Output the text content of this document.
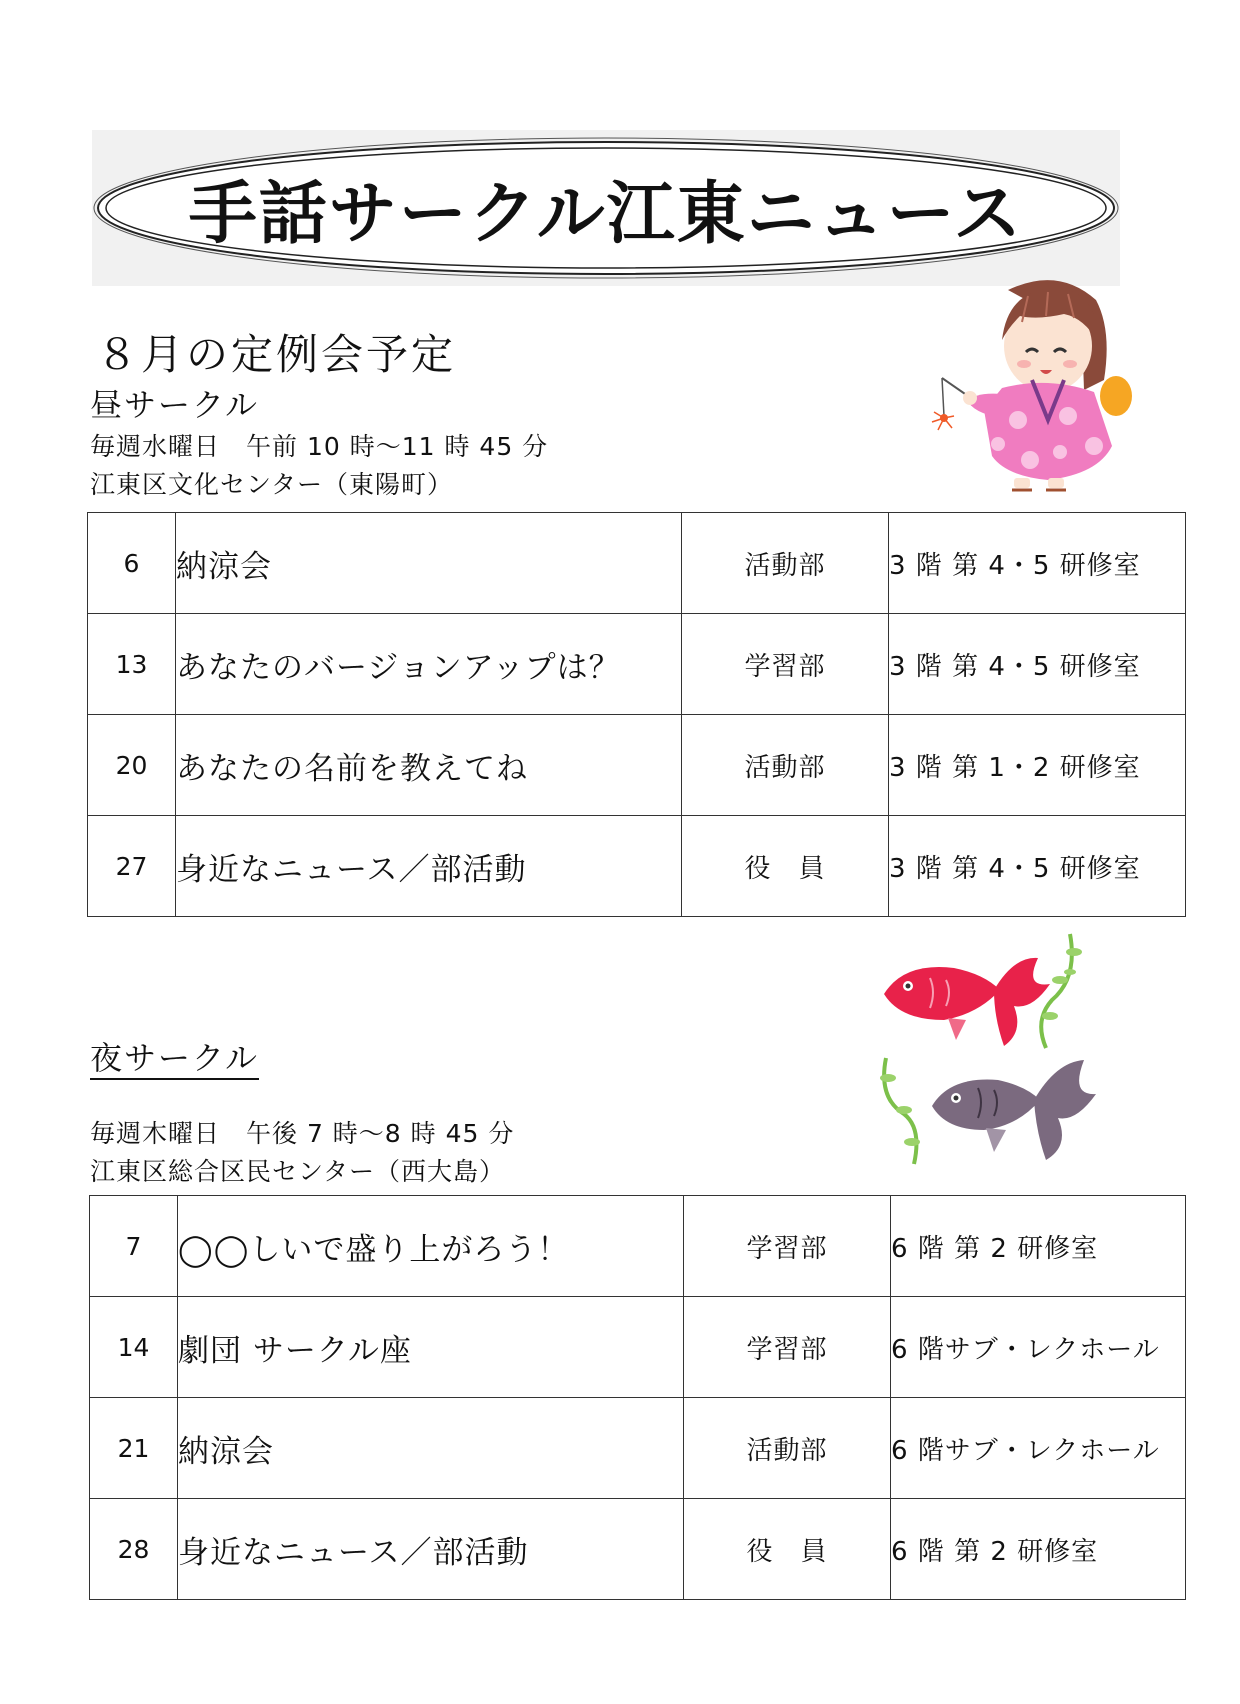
手話サークル江東ニュース
８月の定例会予定
昼サークル
毎週水曜日　午前 10 時～11 時 45 分
江東区文化センター（東陽町）
6	納涼会	活動部	3 階 第 4・5 研修室
13	あなたのバージョンアップは？	学習部	3 階 第 4・5 研修室
20	あなたの名前を教えてね	活動部	3 階 第 1・2 研修室
27	身近なニュース／部活動	役　員	3 階 第 4・5 研修室
夜サークル
毎週木曜日　午後 7 時～8 時 45 分
江東区総合区民センター（西大島）
7	◯◯しいで盛り上がろう！	学習部	6 階 第 2 研修室
14	劇団 サークル座	学習部	6 階サブ・レクホール
21	納涼会	活動部	6 階サブ・レクホール
28	身近なニュース／部活動	役　員	6 階 第 2 研修室
